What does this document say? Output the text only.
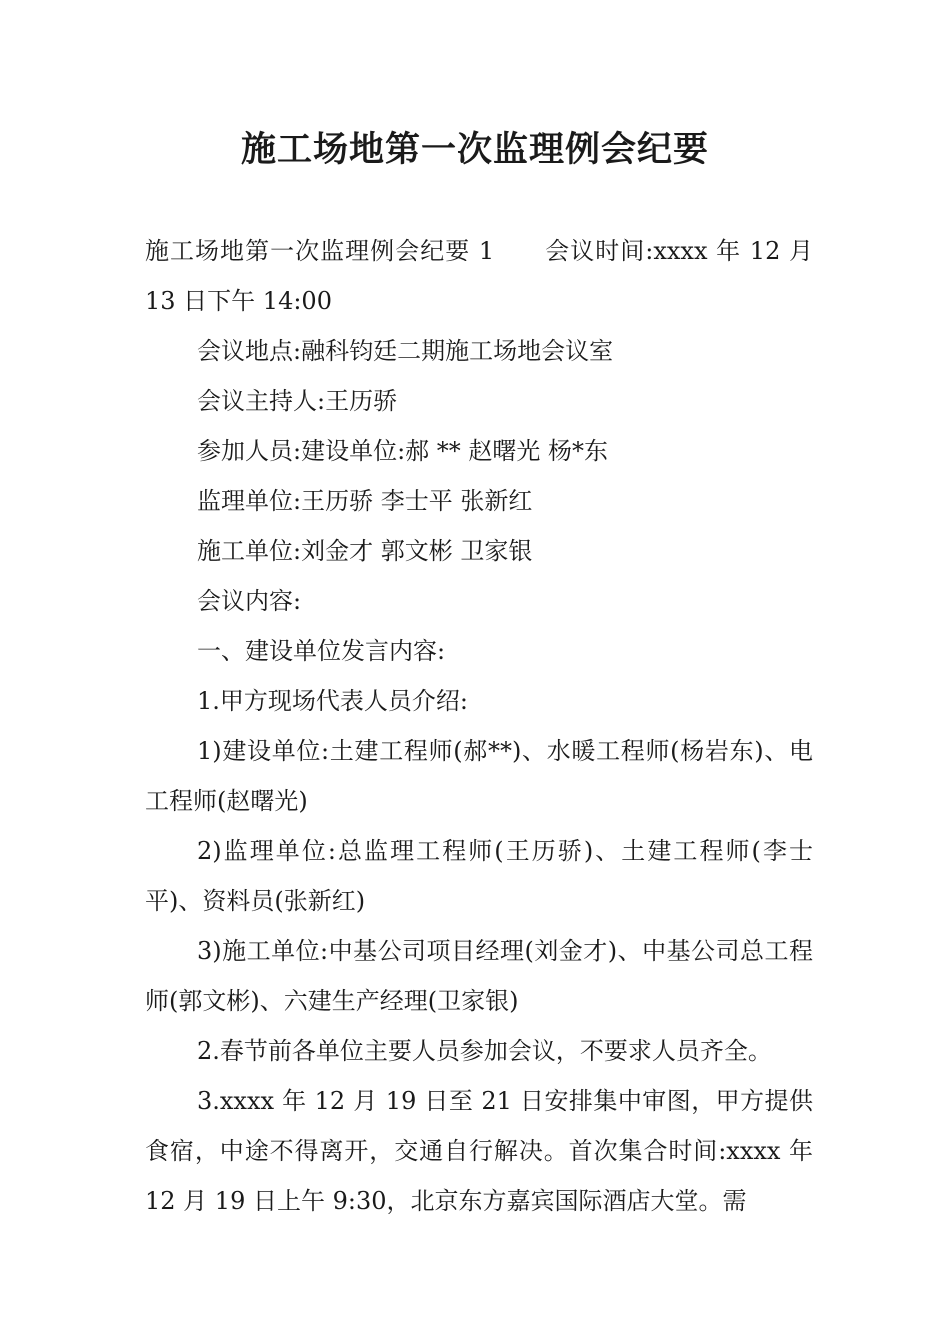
施工场地第一次监理例会纪要

施工场地第一次监理例会纪要 1 会议时间:xxxx 年 12 月 13 日下午 14:00

会议地点:融科钧廷二期施工场地会议室

会议主持人:王历骄

参加人员:建设单位:郝 ** 赵曙光 杨*东

监理单位:王历骄 李士平 张新红

施工单位:刘金才 郭文彬 卫家银

会议内容:

一、建设单位发言内容:

1.甲方现场代表人员介绍:

1)建设单位:土建工程师(郝**)、水暖工程师(杨岩东)、电工程师(赵曙光)

2)监理单位:总监理工程师(王历骄)、土建工程师(李士平)、资料员(张新红)

3)施工单位:中基公司项目经理(刘金才)、中基公司总工程师(郭文彬)、六建生产经理(卫家银)

2.春节前各单位主要人员参加会议，不要求人员齐全。

3.xxxx 年 12 月 19 日至 21 日安排集中审图，甲方提供食宿，中途不得离开，交通自行解决。首次集合时间:xxxx 年 12 月 19 日上午 9:30，北京东方嘉宾国际酒店大堂。需
